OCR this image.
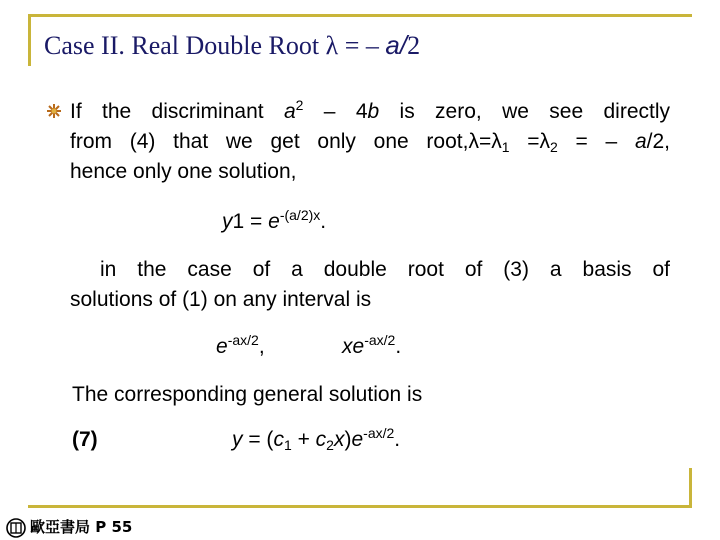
Case II. Real Double Root λ = – a/2
If the discriminant $a^2 - 4b$ is zero, we see directly
from (4) that we get only one $root,\lambda=\lambda_1 =\lambda_2$ = – a/2,
hence only one solution,
$y1 = e^{-(a/2)x}$.
in the case of a double root of (3) a basis of
solutions of (1) on any interval is
$e^{-ax/2}$,	$xe^{-ax/2}$.
The corresponding general solution is
(7)	$y = (c_1 + c_2x)e^{-ax/2}$.
歐亞書局 P 55
